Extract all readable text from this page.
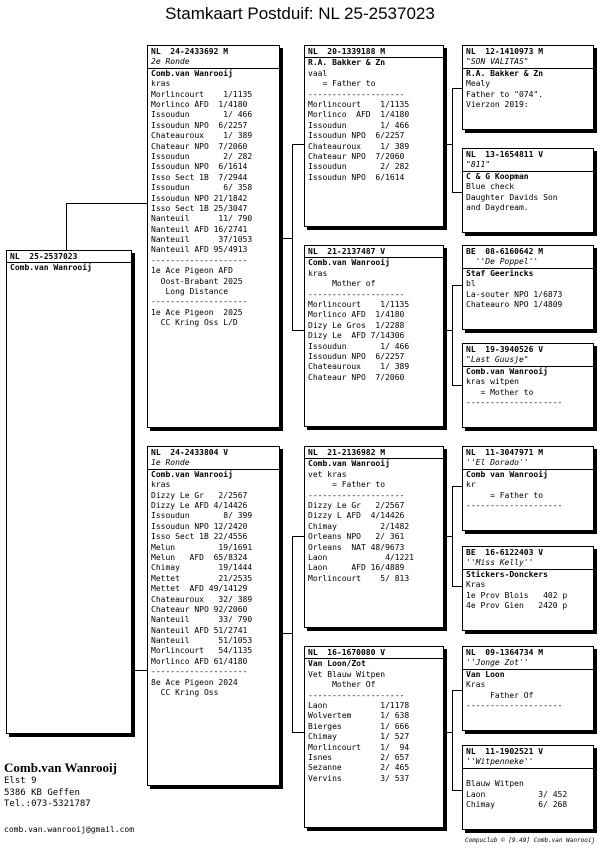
Stamkaart Postduif: NL 25-2537023
NL  25-2537023
Comb.van Wanrooij
NL  24-2433692 M
2e Ronde
Comb.van Wanrooij
kras
Morlincourt    1/1135
Morlinco AFD  1/4180
Issoudun       1/ 466
Issoudun NPO  6/2257
Chateauroux    1/ 389
Chateaur NPO  7/2060
Issoudun       2/ 282
Issoudun NPO  6/1614
Isso Sect 1B  7/2944
Issoudun       6/ 358
Issoudun NPO 21/1842
Isso Sect 1B 25/3047
Nanteuil      11/ 790
Nanteuil AFD 16/2741
Nanteuil      37/1053
Nanteuil AFD 95/4913
--------------------
1e Ace Pigeon AFD
Oost-Brabant 2025
Long Distance
--------------------
1e Ace Pigeon  2025
CC Kring Oss L/D
NL  24-2433804 V
1e Ronde
Comb.van Wanrooij
kras
Dizzy Le Gr   2/2567
Dizzy Le AFD 4/14426
Issoudun       8/ 399
Issoudun NPO 12/2420
Isso Sect 1B 22/4556
Melun         19/1691
Melun   AFD  65/8324
Chimay        19/1444
Mettet        21/2535
Mettet  AFD 49/14129
Chateauroux   32/ 389
Chateaur NPO 92/2060
Nanteuil      33/ 790
Nanteuil AFD 51/2741
Nanteuil      51/1053
Morlincourt   54/1135
Morlinco AFD 61/4180
--------------------
8e Ace Pigeon 2024
CC Kring Oss
NL  20-1339188 M
R.A. Bakker & Zn
vaal
= Father to
--------------------
Morlincourt    1/1135
Morlinco  AFD  1/4180
Issoudun       1/ 466
Issoudun NPO  6/2257
Chateauroux    1/ 389
Chateaur NPO  7/2060
Issoudun       2/ 282
Issoudun NPO  6/1614
NL  21-2137487 V
Comb.van Wanrooij
kras
Mother of
--------------------
Morlincourt    1/1135
Morlinco AFD  1/4180
Dizy Le Gros  1/2288
Dizy Le  AFD 7/14306
Issoudun       1/ 466
Issoudun NPO  6/2257
Chateauroux    1/ 389
Chateaur NPO  7/2060
NL  21-2136982 M
Comb.van Wanrooij
vet kras
= Father to
--------------------
Dizzy Le Gr   2/2567
Dizzy L AFD  4/14426
Chimay         2/1482
Orleans NPO   2/ 361
Orleans  NAT 48/9673
Laon            4/1221
Laon     AFD 16/4889
Morlincourt    5/ 813
NL  16-1670080 V
Van Loon/Zot
Vet Blauw Witpen
Mother Of
--------------------
Laon           1/1178
Wolvertem      1/ 638
Bierges        1/ 666
Chimay         1/ 527
Morlincourt    1/  94
Isnes          2/ 657
Sezanne        2/ 465
Vervins        3/ 537
NL  12-1410973 M
"SON VALITAS"
R.A. Bakker & Zn
Mealy
Father to "074".
Vierzon 2019:
NL  13-1654811 V
"811"
C & G Koopman
Blue check
Daughter Davids Son
and Daydream.
BE  08-6160642 M
''De Poppel''
Staf Geerincks
bl
La-souter NPO 1/6873
Chateauro NPO 1/4809
NL  19-3940526 V
"Last Guusje"
Comb.van Wanrooij
kras witpen
= Mother to
--------------------
NL  11-3047971 M
''El Dorado''
Comb van Wanrooij
kr
= Father to
--------------------
BE  16-6122403 V
''Miss Kelly''
Stickers-Donckers
Kras
1e Prov Blois   402 p
4e Prov Gien   2420 p
NL  09-1364734 M
''Jonge Zot''
Van Loon
Kras
Father Of
--------------------
NL  11-1902521 V
''Witpenneke''
Blauw Witpen
Laon           3/ 452
Chimay         6/ 268
Comb.van Wanrooij
Elst 9
5386 KB Geffen
Tel.:073-5321787
comb.van.wanrooij@gmail.com
Compuclub © [9.49] Comb.van Wanrooij
